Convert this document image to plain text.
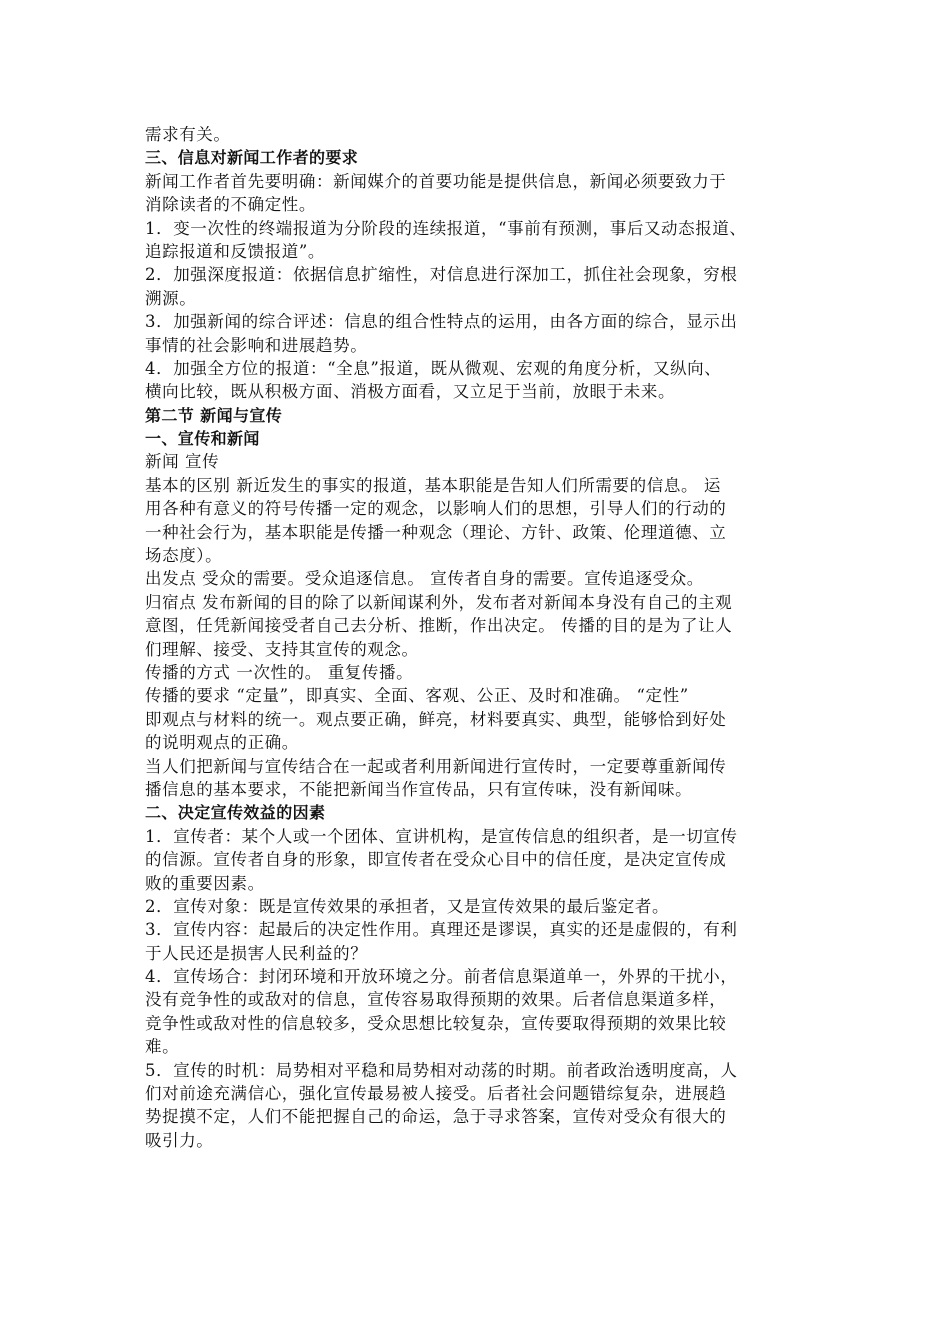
需求有关。
三、信息对新闻工作者的要求
新闻工作者首先要明确：新闻媒介的首要功能是提供信息，新闻必须要致力于
消除读者的不确定性。
1．变一次性的终端报道为分阶段的连续报道，“事前有预测，事后又动态报道、
追踪报道和反馈报道”。
2．加强深度报道：依据信息扩缩性，对信息进行深加工，抓住社会现象，穷根
溯源。
3．加强新闻的综合评述：信息的组合性特点的运用，由各方面的综合，显示出
事情的社会影响和进展趋势。
4．加强全方位的报道：“全息”报道，既从微观、宏观的角度分析，又纵向、
横向比较，既从积极方面、消极方面看，又立足于当前，放眼于未来。
第二节 新闻与宣传
一、宣传和新闻
新闻 宣传
基本的区别 新近发生的事实的报道，基本职能是告知人们所需要的信息。 运
用各种有意义的符号传播一定的观念，以影响人们的思想，引导人们的行动的
一种社会行为，基本职能是传播一种观念（理论、方针、政策、伦理道德、立
场态度）。
出发点 受众的需要。受众追逐信息。 宣传者自身的需要。宣传追逐受众。
归宿点 发布新闻的目的除了以新闻谋利外，发布者对新闻本身没有自己的主观
意图，任凭新闻接受者自己去分析、推断，作出决定。 传播的目的是为了让人
们理解、接受、支持其宣传的观念。
传播的方式 一次性的。 重复传播。
传播的要求 “定量”，即真实、全面、客观、公正、及时和准确。 “定性”
即观点与材料的统一。观点要正确，鲜亮，材料要真实、典型，能够恰到好处
的说明观点的正确。
当人们把新闻与宣传结合在一起或者利用新闻进行宣传时，一定要尊重新闻传
播信息的基本要求，不能把新闻当作宣传品，只有宣传味，没有新闻味。
二、决定宣传效益的因素
1．宣传者：某个人或一个团体、宣讲机构，是宣传信息的组织者，是一切宣传
的信源。宣传者自身的形象，即宣传者在受众心目中的信任度，是决定宣传成
败的重要因素。
2．宣传对象：既是宣传效果的承担者，又是宣传效果的最后鉴定者。
3．宣传内容：起最后的决定性作用。真理还是谬误，真实的还是虚假的，有利
于人民还是损害人民利益的？
4．宣传场合：封闭环境和开放环境之分。前者信息渠道单一，外界的干扰小，
没有竞争性的或敌对的信息，宣传容易取得预期的效果。后者信息渠道多样，
竞争性或敌对性的信息较多，受众思想比较复杂，宣传要取得预期的效果比较
难。
5．宣传的时机：局势相对平稳和局势相对动荡的时期。前者政治透明度高，人
们对前途充满信心，强化宣传最易被人接受。后者社会问题错综复杂，进展趋
势捉摸不定，人们不能把握自己的命运，急于寻求答案，宣传对受众有很大的
吸引力。
